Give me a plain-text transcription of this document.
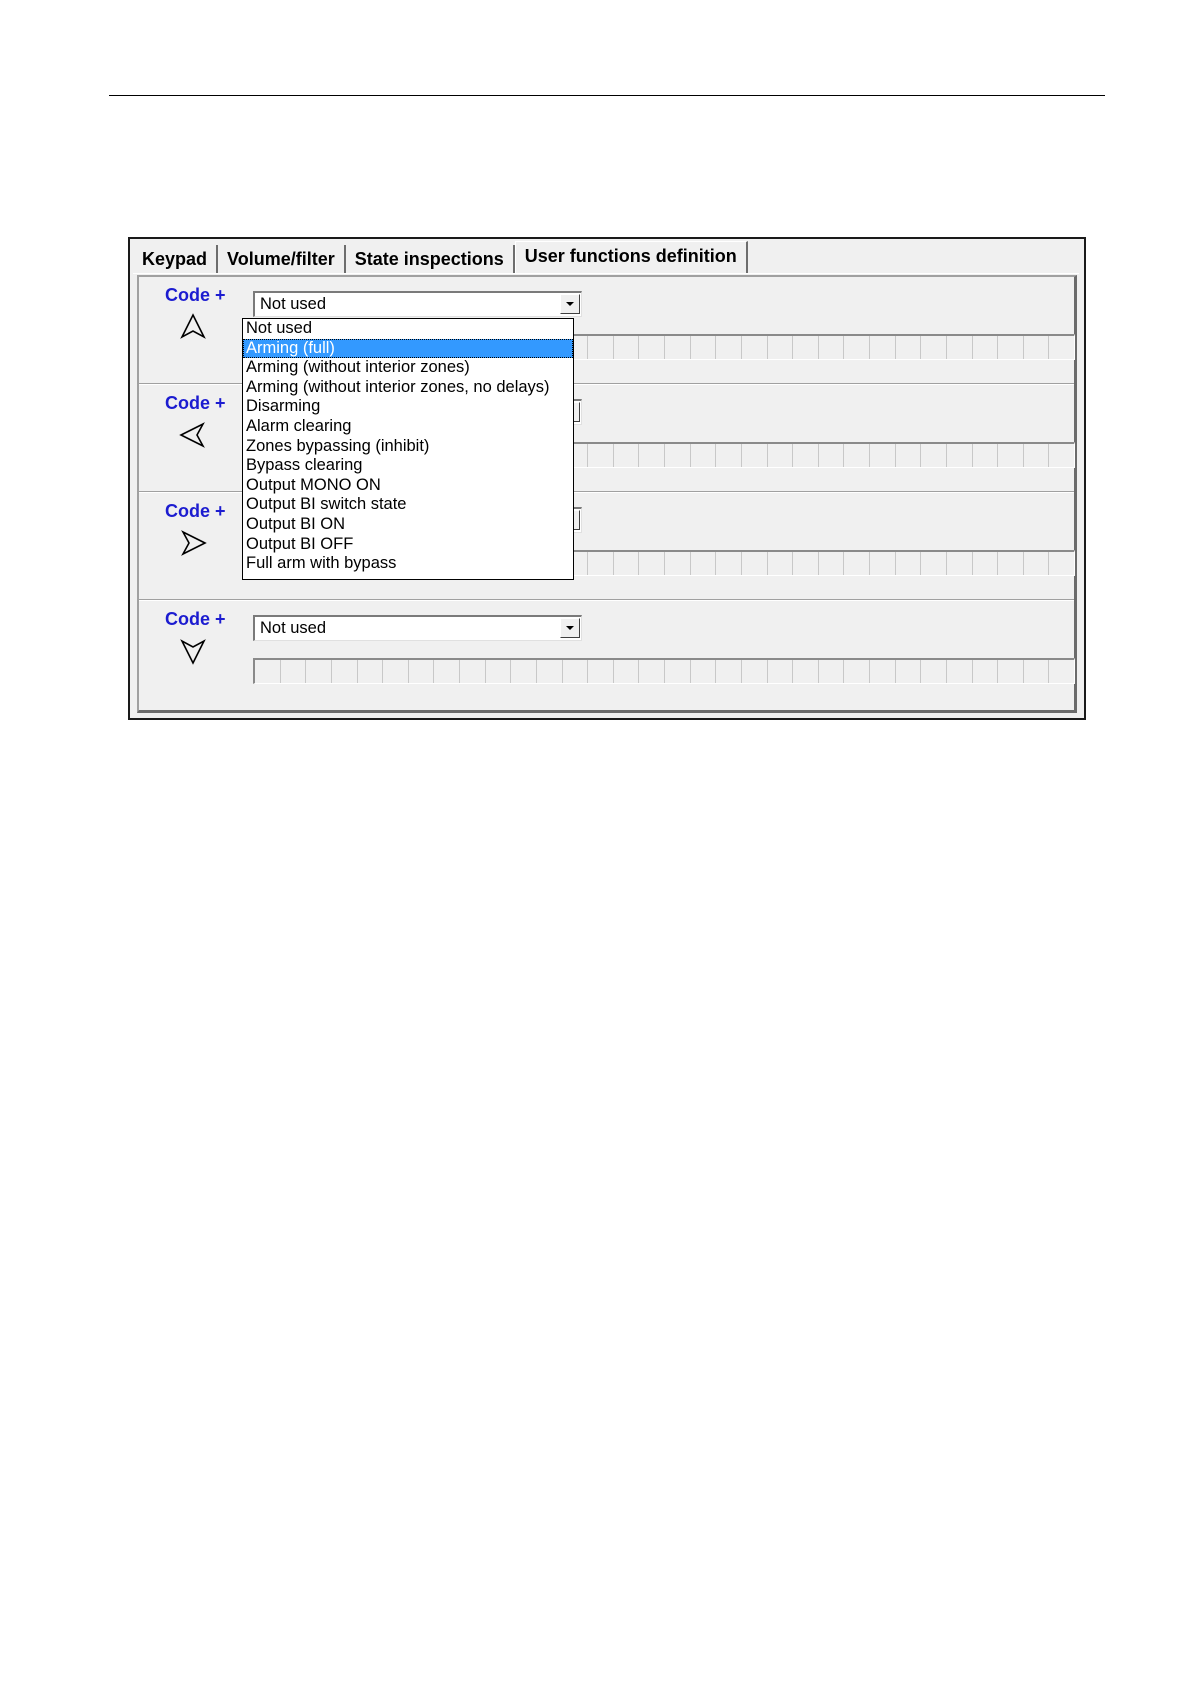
Keypad	Volume/filter	State inspections	User functions definition
Code + Not used
Code +
Code +
Code + Not used
Not used
Arming (full)
Arming (without interior zones)
Arming (without interior zones, no delays)
Disarming
Alarm clearing
Zones bypassing (inhibit)
Bypass clearing
Output MONO ON
Output BI switch state
Output BI ON
Output BI OFF
Full arm with bypass
